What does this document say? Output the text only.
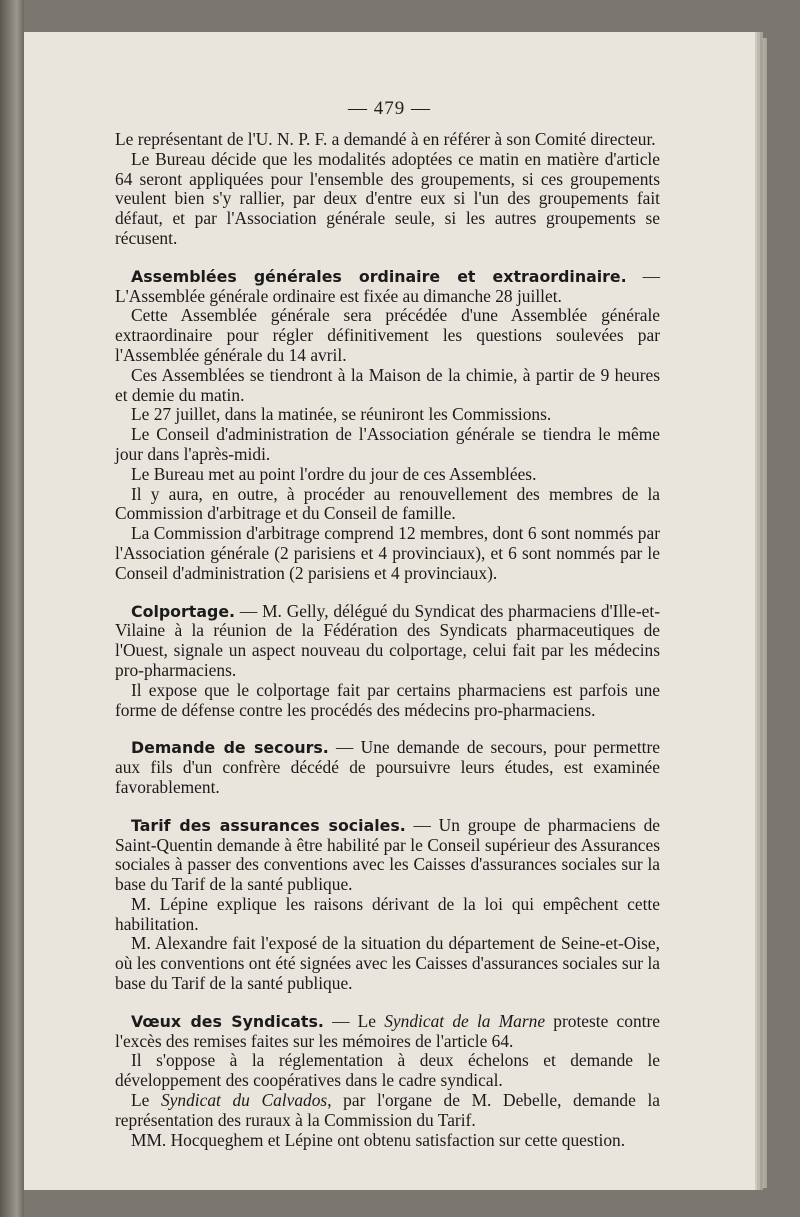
— 479 —

Le représentant de l'U. N. P. F. a demandé à en référer à son Comité directeur.

Le Bureau décide que les modalités adoptées ce matin en matière d'article 64 seront appliquées pour l'ensemble des groupements, si ces groupements veulent bien s'y rallier, par deux d'entre eux si l'un des groupements fait défaut, et par l'Association générale seule, si les autres groupements se récusent.

Assemblées générales ordinaire et extraordinaire. — L'Assemblée générale ordinaire est fixée au dimanche 28 juillet.

Cette Assemblée générale sera précédée d'une Assemblée générale extraordinaire pour régler définitivement les questions soulevées par l'Assemblée générale du 14 avril.

Ces Assemblées se tiendront à la Maison de la chimie, à partir de 9 heures et demie du matin.

Le 27 juillet, dans la matinée, se réuniront les Commissions.

Le Conseil d'administration de l'Association générale se tiendra le même jour dans l'après-midi.

Le Bureau met au point l'ordre du jour de ces Assemblées.

Il y aura, en outre, à procéder au renouvellement des membres de la Commission d'arbitrage et du Conseil de famille.

La Commission d'arbitrage comprend 12 membres, dont 6 sont nommés par l'Association générale (2 parisiens et 4 provinciaux), et 6 sont nommés par le Conseil d'administration (2 parisiens et 4 provinciaux).

Colportage. — M. Gelly, délégué du Syndicat des pharmaciens d'Ille-et-Vilaine à la réunion de la Fédération des Syndicats pharmaceutiques de l'Ouest, signale un aspect nouveau du colportage, celui fait par les médecins pro-pharmaciens.

Il expose que le colportage fait par certains pharmaciens est parfois une forme de défense contre les procédés des médecins pro-pharmaciens.

Demande de secours. — Une demande de secours, pour permettre aux fils d'un confrère décédé de poursuivre leurs études, est examinée favorablement.

Tarif des assurances sociales. — Un groupe de pharmaciens de Saint-Quentin demande à être habilité par le Conseil supérieur des Assurances sociales à passer des conventions avec les Caisses d'assurances sociales sur la base du Tarif de la santé publique.

M. Lépine explique les raisons dérivant de la loi qui empêchent cette habilitation.

M. Alexandre fait l'exposé de la situation du département de Seine-et-Oise, où les conventions ont été signées avec les Caisses d'assurances sociales sur la base du Tarif de la santé publique.

Vœux des Syndicats. — Le Syndicat de la Marne proteste contre l'excès des remises faites sur les mémoires de l'article 64.

Il s'oppose à la réglementation à deux échelons et demande le développement des coopératives dans le cadre syndical.

Le Syndicat du Calvados, par l'organe de M. Debelle, demande la représentation des ruraux à la Commission du Tarif.

MM. Hocqueghem et Lépine ont obtenu satisfaction sur cette question.
